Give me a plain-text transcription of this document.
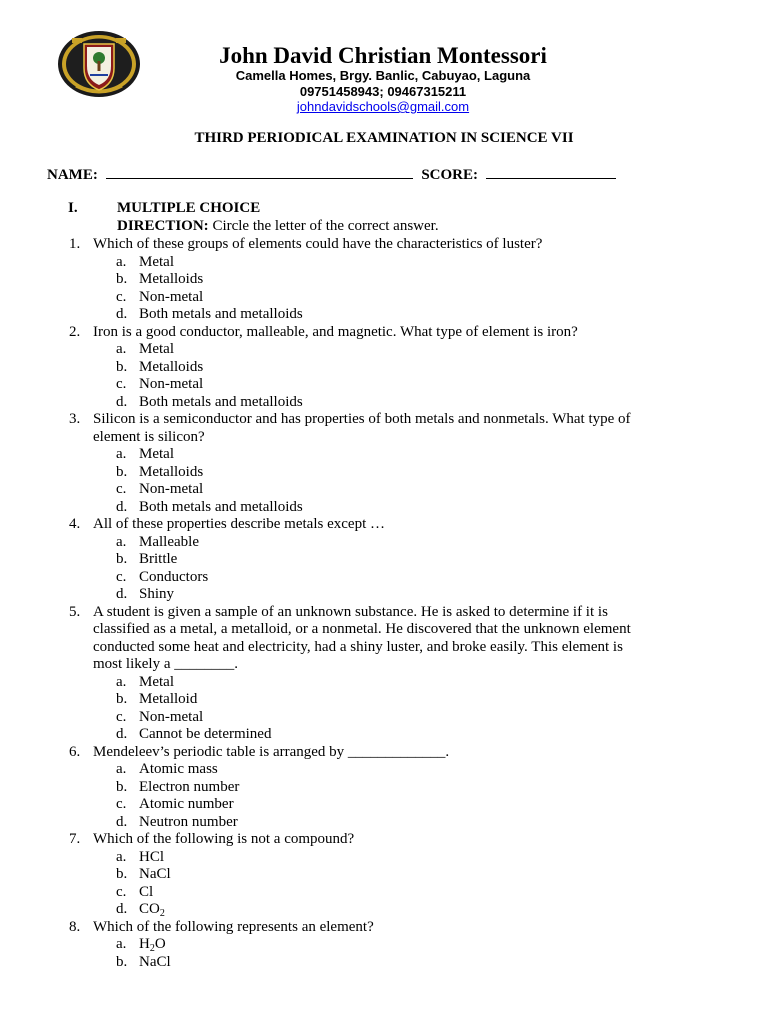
John David Christian Montessori
Camella Homes, Brgy. Banlic, Cabuyao, Laguna
09751458943; 09467315211
johndavidschools@gmail.com
THIRD PERIODICAL EXAMINATION IN SCIENCE VII
NAME:	SCORE:
I.	MULTIPLE CHOICE
DIRECTION: Circle the letter of the correct answer.
1. Which of these groups of elements could have the characteristics of luster?
a. Metal
b. Metalloids
c. Non-metal
d. Both metals and metalloids
2. Iron is a good conductor, malleable, and magnetic. What type of element is iron?
a. Metal
b. Metalloids
c. Non-metal
d. Both metals and metalloids
3. Silicon is a semiconductor and has properties of both metals and nonmetals. What type of
element is silicon?
a. Metal
b. Metalloids
c. Non-metal
d. Both metals and metalloids
4. All of these properties describe metals except …
a. Malleable
b. Brittle
c. Conductors
d. Shiny
5. A student is given a sample of an unknown substance. He is asked to determine if it is
classified as a metal, a metalloid, or a nonmetal. He discovered that the unknown element
conducted some heat and electricity, had a shiny luster, and broke easily. This element is
most likely a ________.
a. Metal
b. Metalloid
c. Non-metal
d. Cannot be determined
6. Mendeleev’s periodic table is arranged by _____________.
a. Atomic mass
b. Electron number
c. Atomic number
d. Neutron number
7. Which of the following is not a compound?
a. HCl
b. NaCl
c. Cl
d. $CO_2$
8. Which of the following represents an element?
a. $H_2O$
b. NaCl
